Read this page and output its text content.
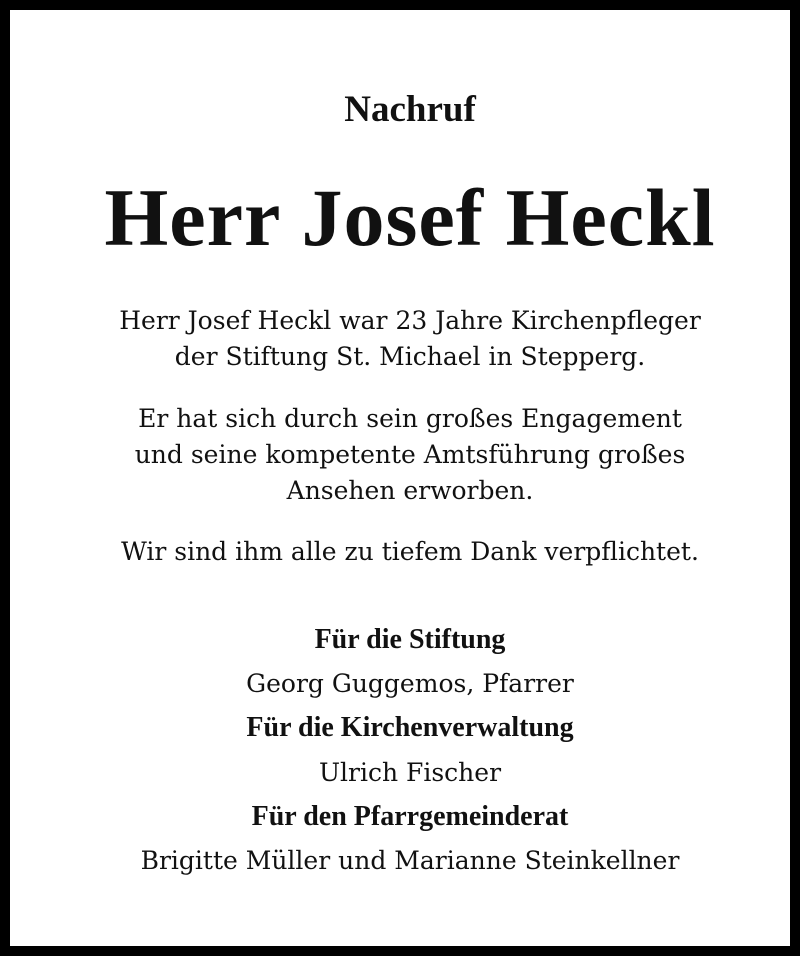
Nachruf
Herr Josef Heckl

Herr Josef Heckl war 23 Jahre Kirchenpfleger
der Stiftung St. Michael in Stepperg.

Er hat sich durch sein großes Engagement
und seine kompetente Amtsführung großes
Ansehen erworben.

Wir sind ihm alle zu tiefem Dank verpflichtet.

Für die Stiftung
Georg Guggemos, Pfarrer
Für die Kirchenverwaltung
Ulrich Fischer
Für den Pfarrgemeinderat
Brigitte Müller und Marianne Steinkellner
